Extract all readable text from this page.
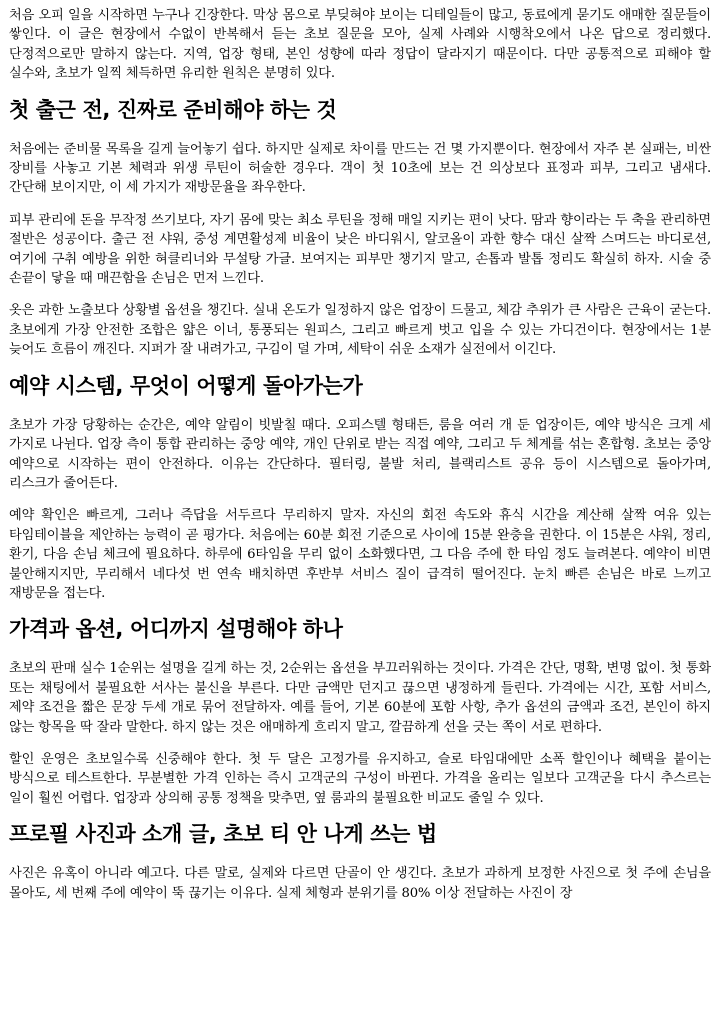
처음 오피 일을 시작하면 누구나 긴장한다. 막상 몸으로 부딪혀야 보이는 디테일들이 많고, 동료에게 묻기도 애매한 질문들이 쌓인다. 이 글은 현장에서 수없이 반복해서 듣는 초보 질문을 모아, 실제 사례와 시행착오에서 나온 답으로 정리했다. 단정적으로만 말하지 않는다. 지역, 업장 형태, 본인 성향에 따라 정답이 달라지기 때문이다. 다만 공통적으로 피해야 할 실수와, 초보가 일찍 체득하면 유리한 원칙은 분명히 있다.

첫 출근 전, 진짜로 준비해야 하는 것

처음에는 준비물 목록을 길게 늘어놓기 쉽다. 하지만 실제로 차이를 만드는 건 몇 가지뿐이다. 현장에서 자주 본 실패는, 비싼 장비를 사놓고 기본 체력과 위생 루틴이 허술한 경우다. 객이 첫 10초에 보는 건 의상보다 표정과 피부, 그리고 냄새다. 간단해 보이지만, 이 세 가지가 재방문율을 좌우한다.

피부 관리에 돈을 무작정 쓰기보다, 자기 몸에 맞는 최소 루틴을 정해 매일 지키는 편이 낫다. 땀과 향이라는 두 축을 관리하면 절반은 성공이다. 출근 전 샤워, 중성 계면활성제 비율이 낮은 바디워시, 알코올이 과한 향수 대신 살짝 스며드는 바디로션, 여기에 구취 예방을 위한 혀클리너와 무설탕 가글. 보여지는 피부만 챙기지 말고, 손톱과 발톱 정리도 확실히 하자. 시술 중 손끝이 닿을 때 매끈함을 손님은 먼저 느낀다.

옷은 과한 노출보다 상황별 옵션을 챙긴다. 실내 온도가 일정하지 않은 업장이 드물고, 체감 추위가 큰 사람은 근육이 굳는다. 초보에게 가장 안전한 조합은 얇은 이너, 통풍되는 원피스, 그리고 빠르게 벗고 입을 수 있는 가디건이다. 현장에서는 1분 늦어도 흐름이 깨진다. 지퍼가 잘 내려가고, 구김이 덜 가며, 세탁이 쉬운 소재가 실전에서 이긴다.

예약 시스템, 무엇이 어떻게 돌아가는가

초보가 가장 당황하는 순간은, 예약 알림이 빗발칠 때다. 오피스텔 형태든, 룸을 여러 개 둔 업장이든, 예약 방식은 크게 세 가지로 나뉜다. 업장 측이 통합 관리하는 중앙 예약, 개인 단위로 받는 직접 예약, 그리고 두 체계를 섞는 혼합형. 초보는 중앙 예약으로 시작하는 편이 안전하다. 이유는 간단하다. 필터링, 불발 처리, 블랙리스트 공유 등이 시스템으로 돌아가며, 리스크가 줄어든다.

예약 확인은 빠르게, 그러나 즉답을 서두르다 무리하지 말자. 자신의 회전 속도와 휴식 시간을 계산해 살짝 여유 있는 타임테이블을 제안하는 능력이 곧 평가다. 처음에는 60분 회전 기준으로 사이에 15분 완충을 권한다. 이 15분은 샤워, 정리, 환기, 다음 손님 체크에 필요하다. 하루에 6타임을 무리 없이 소화했다면, 그 다음 주에 한 타임 정도 늘려본다. 예약이 비면 불안해지지만, 무리해서 네다섯 번 연속 배치하면 후반부 서비스 질이 급격히 떨어진다. 눈치 빠른 손님은 바로 느끼고 재방문을 접는다.

가격과 옵션, 어디까지 설명해야 하나

초보의 판매 실수 1순위는 설명을 길게 하는 것, 2순위는 옵션을 부끄러워하는 것이다. 가격은 간단, 명확, 변명 없이. 첫 통화 또는 채팅에서 불필요한 서사는 불신을 부른다. 다만 금액만 던지고 끊으면 냉정하게 들린다. 가격에는 시간, 포함 서비스, 제약 조건을 짧은 문장 두세 개로 묶어 전달하자. 예를 들어, 기본 60분에 포함 사항, 추가 옵션의 금액과 조건, 본인이 하지 않는 항목을 딱 잘라 말한다. 하지 않는 것은 애매하게 흐리지 말고, 깔끔하게 선을 긋는 쪽이 서로 편하다.

할인 운영은 초보일수록 신중해야 한다. 첫 두 달은 고정가를 유지하고, 슬로 타임대에만 소폭 할인이나 혜택을 붙이는 방식으로 테스트한다. 무분별한 가격 인하는 즉시 고객군의 구성이 바뀐다. 가격을 올리는 일보다 고객군을 다시 추스르는 일이 훨씬 어렵다. 업장과 상의해 공통 정책을 맞추면, 옆 룸과의 불필요한 비교도 줄일 수 있다.

프로필 사진과 소개 글, 초보 티 안 나게 쓰는 법

사진은 유혹이 아니라 예고다. 다른 말로, 실제와 다르면 단골이 안 생긴다. 초보가 과하게 보정한 사진으로 첫 주에 손님을 몰아도, 세 번째 주에 예약이 뚝 끊기는 이유다. 실제 체형과 분위기를 80% 이상 전달하는 사진이 장
